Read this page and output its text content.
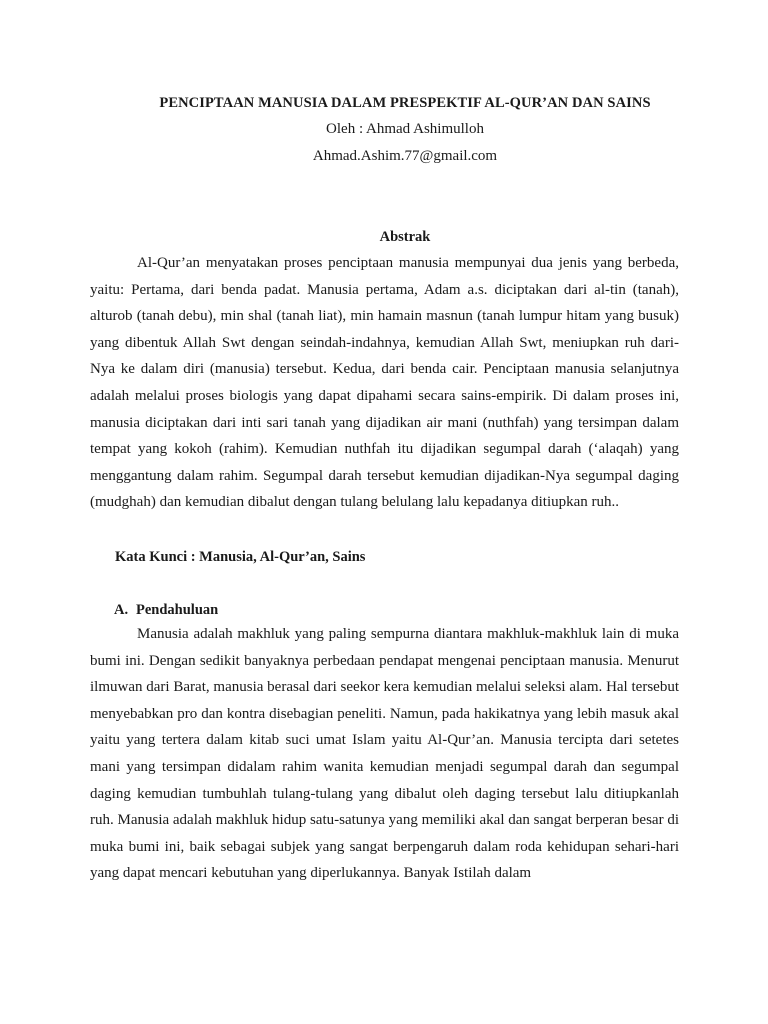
PENCIPTAAN MANUSIA DALAM PRESPEKTIF AL-QUR’AN DAN SAINS
Oleh : Ahmad Ashimulloh
Ahmad.Ashim.77@gmail.com
Abstrak

Al-Qur’an menyatakan proses penciptaan manusia mempunyai dua jenis yang berbeda, yaitu: Pertama, dari benda padat. Manusia pertama, Adam a.s. diciptakan dari al-tin (tanah), alturob (tanah debu), min shal (tanah liat), min hamain masnun (tanah lumpur hitam yang busuk) yang dibentuk Allah Swt dengan seindah-indahnya, kemudian Allah Swt, meniupkan ruh dari-Nya ke dalam diri (manusia) tersebut. Kedua, dari benda cair. Penciptaan manusia selanjutnya adalah melalui proses biologis yang dapat dipahami secara sains-empirik. Di dalam proses ini, manusia diciptakan dari inti sari tanah yang dijadikan air mani (nuthfah) yang tersimpan dalam tempat yang kokoh (rahim). Kemudian nuthfah itu dijadikan segumpal darah (‘alaqah) yang menggantung dalam rahim. Segumpal darah tersebut kemudian dijadikan-Nya segumpal daging (mudghah) dan kemudian dibalut dengan tulang belulang lalu kepadanya ditiupkan ruh..

Kata Kunci : Manusia, Al-Qur’an, Sains
A. Pendahuluan

Manusia adalah makhluk yang paling sempurna diantara makhluk-makhluk lain di muka bumi ini. Dengan sedikit banyaknya perbedaan pendapat mengenai penciptaan manusia. Menurut ilmuwan dari Barat, manusia berasal dari seekor kera kemudian melalui seleksi alam. Hal tersebut menyebabkan pro dan kontra disebagian peneliti. Namun, pada hakikatnya yang lebih masuk akal yaitu yang tertera dalam kitab suci umat Islam yaitu Al-Qur’an. Manusia tercipta dari setetes mani yang tersimpan didalam rahim wanita kemudian menjadi segumpal darah dan segumpal daging kemudian tumbuhlah tulang-tulang yang dibalut oleh daging tersebut lalu ditiupkanlah ruh. Manusia adalah makhluk hidup satu-satunya yang memiliki akal dan sangat berperan besar di muka bumi ini, baik sebagai subjek yang sangat berpengaruh dalam roda kehidupan sehari-hari yang dapat mencari kebutuhan yang diperlukannya. Banyak Istilah dalam
